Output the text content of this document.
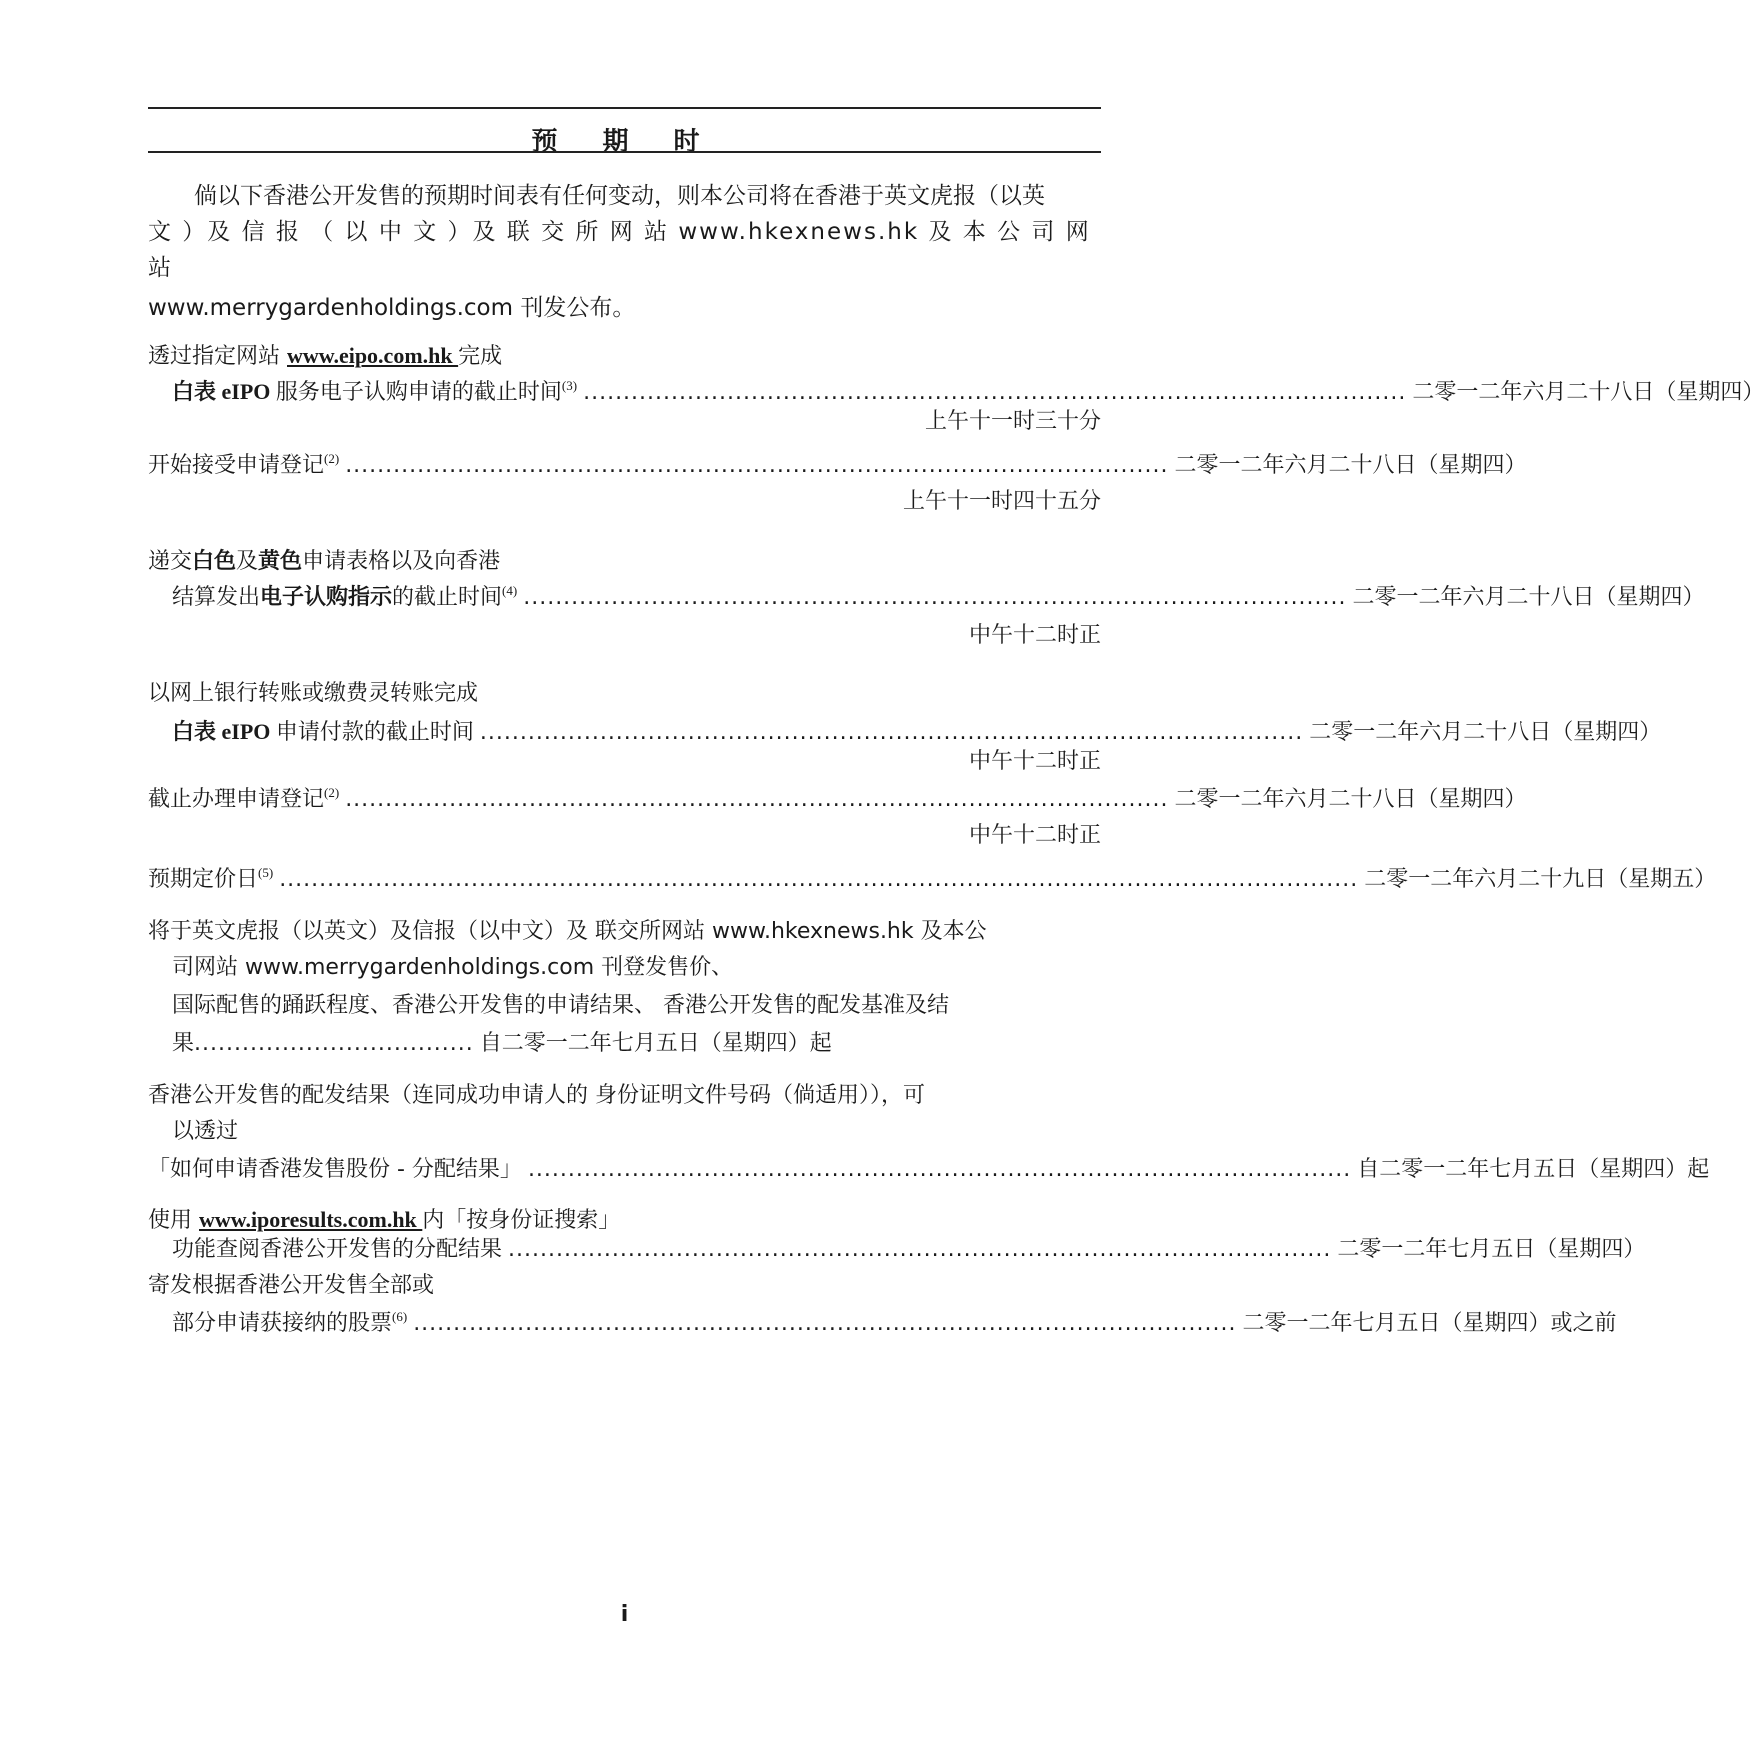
预 期 时
倘以下香港公开发售的预期时间表有任何变动，则本公司将在香港于英文虎报（以英
文 ）及 信 报 （ 以 中 文 ）及 联 交 所 网 站 www.hkexnews.hk 及 本 公 司 网
站
www.merrygardenholdings.com 刊发公布。
透过指定网站 www.eipo.com.hk 完成
白表 eIPO 服务电子认购申请的截止时间$^{(3)}$ ....................................................................................................... 二零一二年六月二十八日（星期四）
上午十一时三十分
开始接受申请登记$^{(2)}$ ....................................................................................................... 二零一二年六月二十八日（星期四）
上午十一时四十五分
递交白色及黄色申请表格以及向香港
结算发出电子认购指示的截止时间$^{(4)}$ ....................................................................................................... 二零一二年六月二十八日（星期四）
中午十二时正
以网上银行转账或缴费灵转账完成
白表 eIPO 申请付款的截止时间 ....................................................................................................... 二零一二年六月二十八日（星期四）
中午十二时正
截止办理申请登记$^{(2)}$ ....................................................................................................... 二零一二年六月二十八日（星期四）
中午十二时正
预期定价日$^{(5)}$ ....................................................................................................................................... 二零一二年六月二十九日（星期五）
将于英文虎报（以英文）及信报（以中文）及 联交所网站 www.hkexnews.hk 及本公
司网站 www.merrygardenholdings.com 刊登发售价、
国际配售的踊跃程度、香港公开发售的申请结果、 香港公开发售的配发基准及结
果................................... 自二零一二年七月五日（星期四）起
香港公开发售的配发结果（连同成功申请人的 身份证明文件号码（倘适用）），可
以透过
「如何申请香港发售股份 - 分配结果」 ....................................................................................................... 自二零一二年七月五日（星期四）起
使用 www.iporesults.com.hk 内「按身份证搜索」
功能查阅香港公开发售的分配结果 ....................................................................................................... 二零一二年七月五日（星期四）
寄发根据香港公开发售全部或
部分申请获接纳的股票$^{(6)}$ ....................................................................................................... 二零一二年七月五日（星期四）或之前
i
